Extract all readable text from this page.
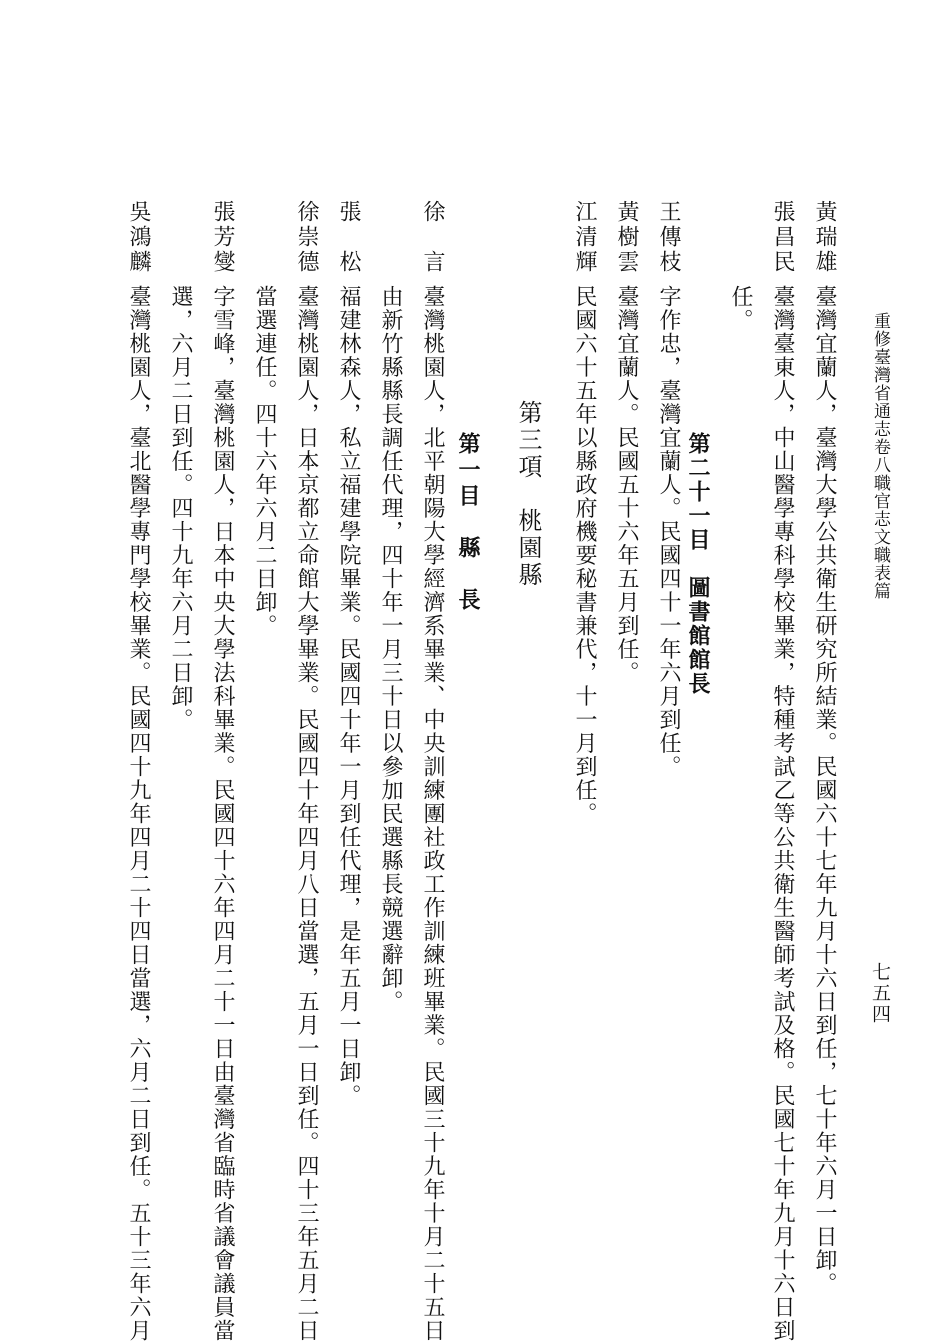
重修臺灣省通志卷八職官志文職表篇
七五四
黃瑞雄
臺灣宜蘭人，臺灣大學公共衛生研究所結業。民國六十七年九月十六日到任，七十年六月一日卸。
張昌民
臺灣臺東人，中山醫學專科學校畢業，特種考試乙等公共衛生醫師考試及格。民國七十年九月十六日到
任。
第二十一目　圖書館館長
王傳枝
字作忠，臺灣宜蘭人。民國四十一年六月到任。
黃樹雲
臺灣宜蘭人。民國五十六年五月到任。
江清輝
民國六十五年以縣政府機要秘書兼代，十一月到任。
第三項　桃園縣
第一目　縣　長
徐　言
臺灣桃園人，北平朝陽大學經濟系畢業、中央訓練團社政工作訓練班畢業。民國三十九年十月二十五日
由新竹縣縣長調任代理，四十年一月三十日以參加民選縣長競選辭卸。
張　松
福建林森人，私立福建學院畢業。民國四十年一月到任代理，是年五月一日卸。
徐崇德
臺灣桃園人，日本京都立命館大學畢業。民國四十年四月八日當選，五月一日到任。四十三年五月二日
當選連任。四十六年六月二日卸。
張芳燮
字雪峰，臺灣桃園人，日本中央大學法科畢業。民國四十六年四月二十一日由臺灣省臨時省議會議員當
選，六月二日到任。四十九年六月二日卸。
吳鴻麟
臺灣桃園人，臺北醫學專門學校畢業。民國四十九年四月二十四日當選，六月二日到任。五十三年六月
